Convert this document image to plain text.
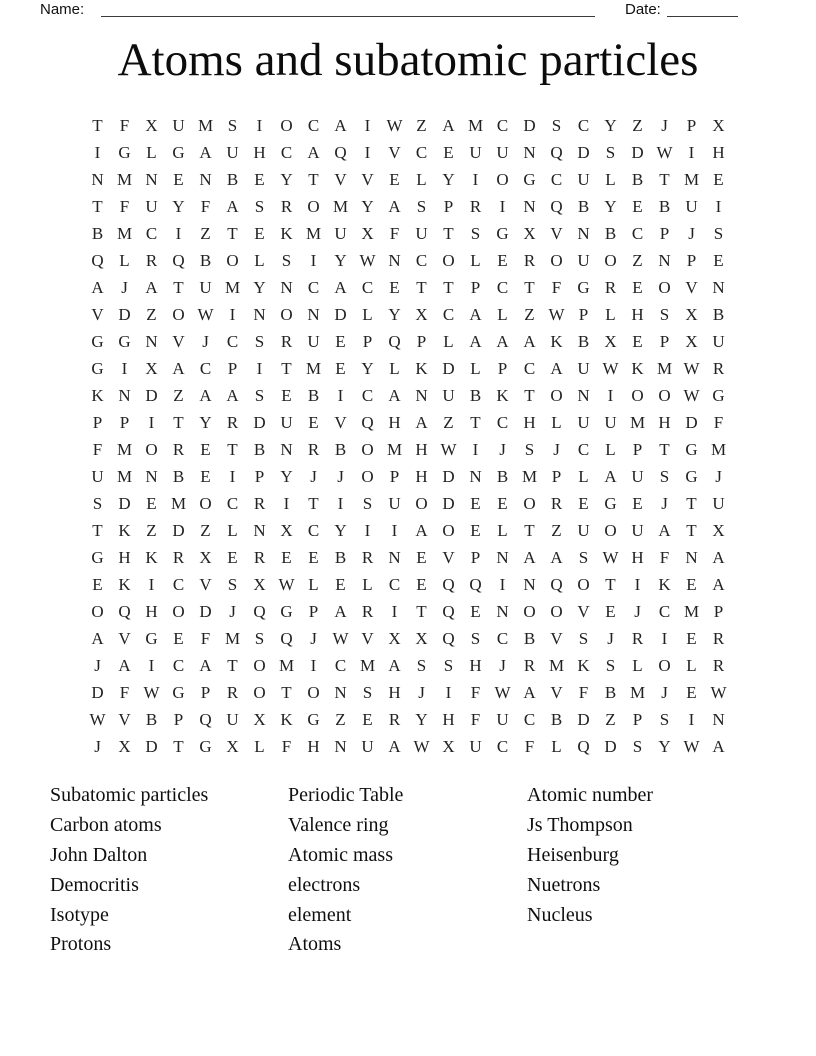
Name:	Date:
Atoms and subatomic particles
T	F X U M S	I	O C A	I W Z A M C D S C Y Z	J	P X
I	G L G A U H C A Q	I	V C E U U N Q D S D W I	H
N M N E N B E Y T V V E L Y	I	O G C U L B T M E
T	F U Y F A S R O M Y A S	P R	I	N Q B Y E B U	I
B M C	I	Z T E K M U X F U T	S G X V N B C P	J	S
Q L R Q B O L	S	I	Y W N C O L E R O U O Z N P	E
A	J	A T U M Y N C A C E T T	P C T	F G R E O V N
V D Z O W I	N O N D L Y X C A L Z W P	L H S X B
G G N V	J	C S R U E	P Q P	L A A A K B X E	P X U
G	I	X A C P	I	T M E Y L K D L	P C A U W K M W R
K N D Z A A S	E B	I	C A N U B K T O N	I	O O W G
P	P	I	T Y R D U E V Q H A Z T C H L U U M H D F
F M O R E T B N R B O M H W I	J	S	J	C L	P	T G M
U M N B E	I	P Y	J	J	O P H D N B M P	L A U S G	J
S D E M O C R	I	T	I	S U O D E E O R E G E	J	T U
T K Z D Z L N X C Y	I	I	A O E L T Z U O U A T X
G H K R X E R E E B R N E V P N A A S W H F N A
E K	I	C V S X W L E L C E Q Q	I	N Q O T	I	K E A
O Q H O D	J	Q G P A R	I	T Q E N O O V E	J	C M P
A V G E	F M S Q	J W V X X Q S C B V S	J	R	I	E R
J	A	I	C A T O M I	C M A S	S H	J	R M K S	L O L R
D F W G P R O T O N S H	J	I	F W A V F B M J	E W
W V B P Q U X K G Z E R Y H F U C B D Z	P	S	I	N
J	X D T G X L	F H N U A W X U C F	L Q D S Y W A
Subatomic particles
Carbon atoms
John Dalton
Democritis
Isotype
Protons
Periodic Table
Valence ring
Atomic mass
electrons
element
Atoms
Atomic number
Js Thompson
Heisenburg
Nuetrons
Nucleus
